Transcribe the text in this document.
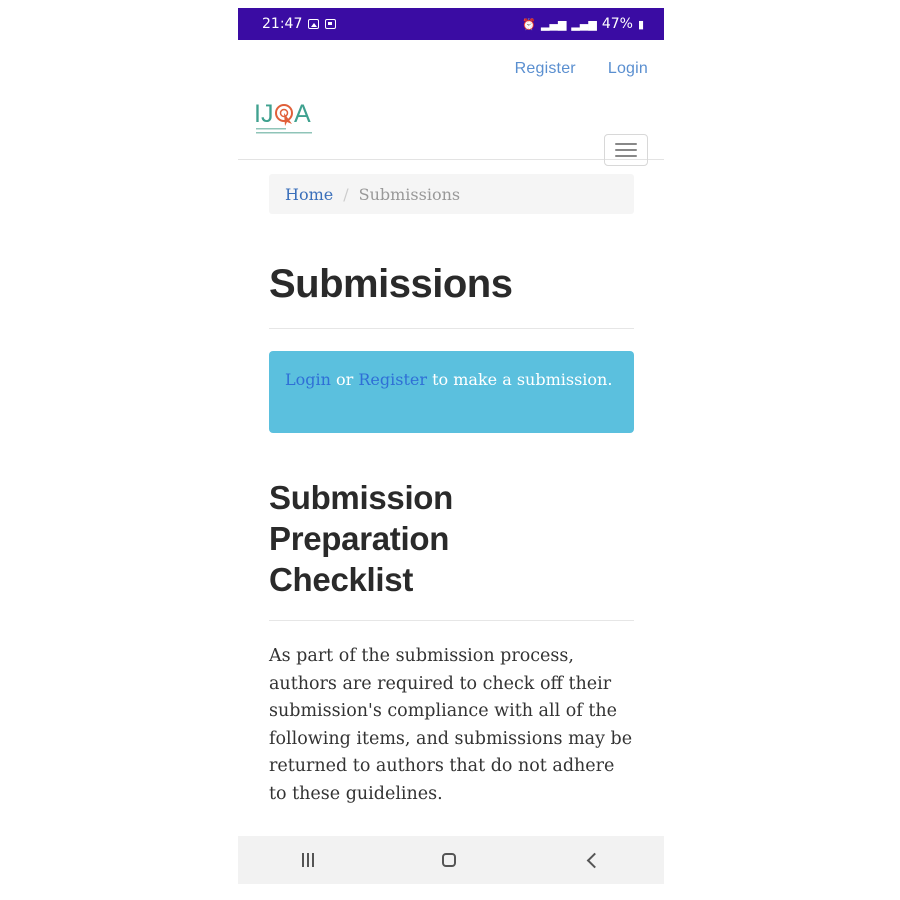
21:47	⏰ ▂▄▆ ▂▄▆ 47% ▮
Register Login
IJ A
Home / Submissions
Submissions
Login or Register to make a submission.
Submission Preparation Checklist

As part of the submission process, authors are required to check off their submission's compliance with all of the following items, and submissions may be returned to authors that do not adhere to these guidelines.
